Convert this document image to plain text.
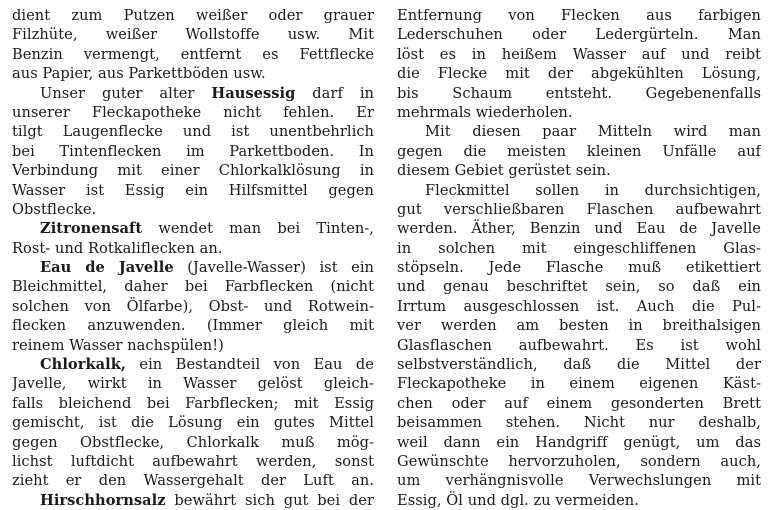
dient zum Putzen weißer oder grauer
Filzhüte, weißer Wollstoffe usw. Mit
Benzin vermengt, entfernt es Fettflecke
aus Papier, aus Parkettböden usw.
Unser guter alter Hausessig darf in
unserer Fleckapotheke nicht fehlen. Er
tilgt Laugenflecke und ist unentbehrlich
bei Tintenflecken im Parkettboden. In
Verbindung mit einer Chlorkalklösung in
Wasser ist Essig ein Hilfsmittel gegen
Obstflecke.
Zitronensaft wendet man bei Tinten-,
Rost- und Rotkaliflecken an.
Eau de Javelle (Javelle-Wasser) ist ein
Bleichmittel, daher bei Farbflecken (nicht
solchen von Ölfarbe), Obst- und Rotwein-
flecken anzuwenden. (Immer gleich mit
reinem Wasser nachspülen!)
Chlorkalk, ein Bestandteil von Eau de
Javelle, wirkt in Wasser gelöst gleich-
falls bleichend bei Farbflecken; mit Essig
gemischt, ist die Lösung ein gutes Mittel
gegen Obstflecke, Chlorkalk muß mög-
lichst luftdicht aufbewahrt werden, sonst
zieht er den Wassergehalt der Luft an.
Hirschhornsalz bewährt sich gut bei der
Entfernung von Flecken aus farbigen
Lederschuhen oder Ledergürteln. Man
löst es in heißem Wasser auf und reibt
die Flecke mit der abgekühlten Lösung,
bis Schaum entsteht. Gegebenenfalls
mehrmals wiederholen.
Mit diesen paar Mitteln wird man
gegen die meisten kleinen Unfälle auf
diesem Gebiet gerüstet sein.
Fleckmittel sollen in durchsichtigen,
gut verschließbaren Flaschen aufbewahrt
werden. Äther, Benzin und Eau de Javelle
in solchen mit eingeschliffenen Glas-
stöpseln. Jede Flasche muß etikettiert
und genau beschriftet sein, so daß ein
Irrtum ausgeschlossen ist. Auch die Pul-
ver werden am besten in breithalsigen
Glasflaschen aufbewahrt. Es ist wohl
selbstverständlich, daß die Mittel der
Fleckapotheke in einem eigenen Käst-
chen oder auf einem gesonderten Brett
beisammen stehen. Nicht nur deshalb,
weil dann ein Handgriff genügt, um das
Gewünschte hervorzuholen, sondern auch,
um verhängnisvolle Verwechslungen mit
Essig, Öl und dgl. zu vermeiden.
